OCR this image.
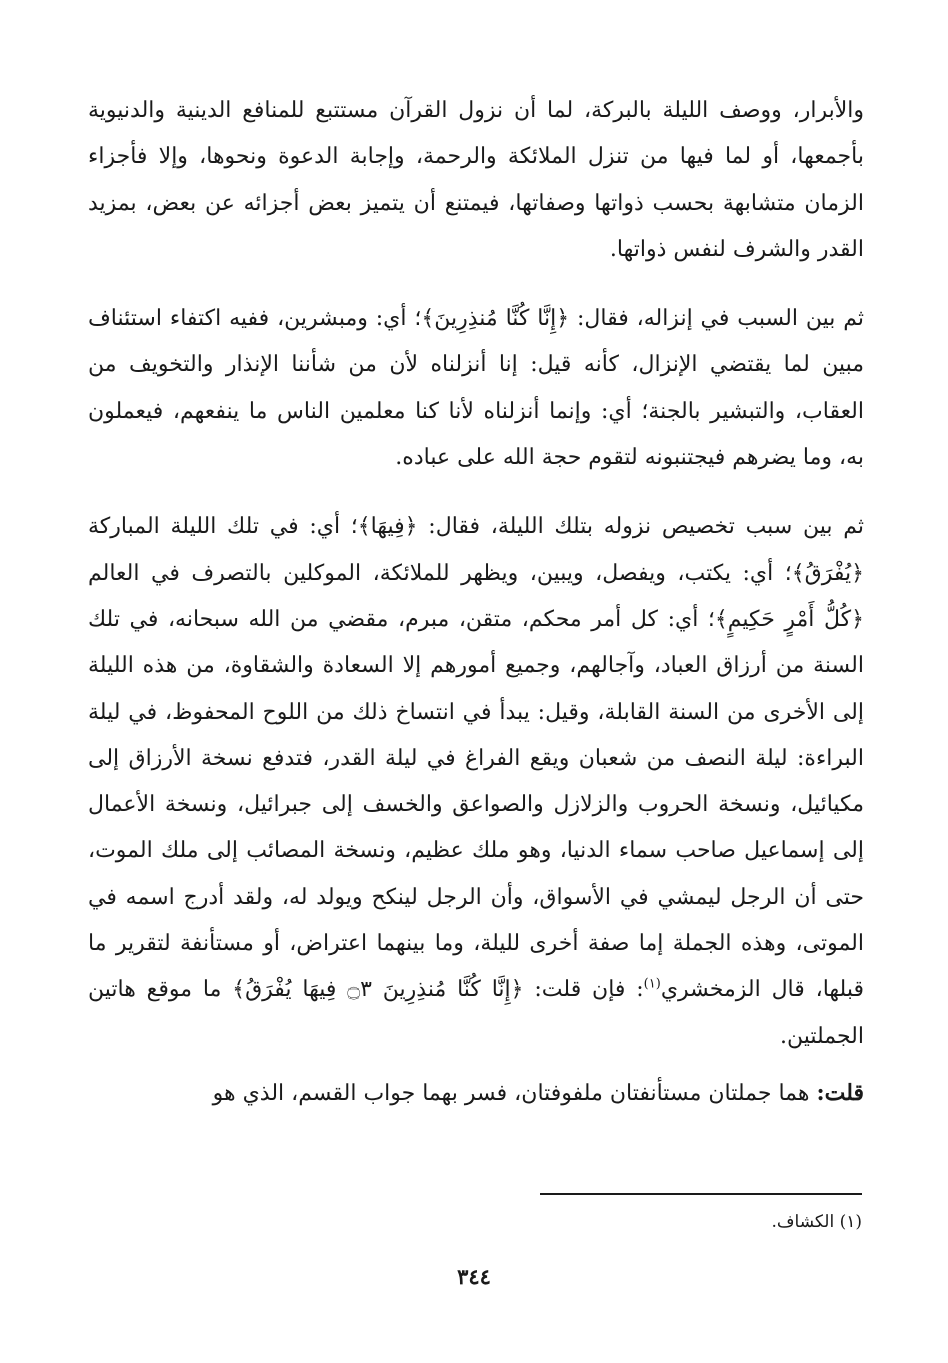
والأبرار، ووصف الليلة بالبركة، لما أن نزول القرآن مستتبع للمنافع الدينية والدنيوية بأجمعها، أو لما فيها من تنزل الملائكة والرحمة، وإجابة الدعوة ونحوها، وإلا فأجزاء الزمان متشابهة بحسب ذواتها وصفاتها، فيمتنع أن يتميز بعض أجزائه عن بعض، بمزيد القدر والشرف لنفس ذواتها.

ثم بين السبب في إنزاله، فقال: ﴿إِنَّا كُنَّا مُنذِرِينَ﴾؛ أي: ومبشرين، ففيه اكتفاء استئناف مبين لما يقتضي الإنزال، كأنه قيل: إنا أنزلناه لأن من شأننا الإنذار والتخويف من العقاب، والتبشير بالجنة؛ أي: وإنما أنزلناه لأنا كنا معلمين الناس ما ينفعهم، فيعملون به، وما يضرهم فيجتنبونه لتقوم حجة الله على عباده.

ثم بين سبب تخصيص نزوله بتلك الليلة، فقال: ﴿فِيهَا﴾؛ أي: في تلك الليلة المباركة ﴿يُفْرَقُ﴾؛ أي: يكتب، ويفصل، ويبين، ويظهر للملائكة، الموكلين بالتصرف في العالم ﴿كُلُّ أَمْرٍ حَكِيمٍ﴾؛ أي: كل أمر محكم، متقن، مبرم، مقضي من الله سبحانه، في تلك السنة من أرزاق العباد، وآجالهم، وجميع أمورهم إلا السعادة والشقاوة، من هذه الليلة إلى الأخرى من السنة القابلة، وقيل: يبدأ في انتساخ ذلك من اللوح المحفوظ، في ليلة البراءة: ليلة النصف من شعبان ويقع الفراغ في ليلة القدر، فتدفع نسخة الأرزاق إلى مكيائيل، ونسخة الحروب والزلازل والصواعق والخسف إلى جبرائيل، ونسخة الأعمال إلى إسماعيل صاحب سماء الدنيا، وهو ملك عظيم، ونسخة المصائب إلى ملك الموت، حتى أن الرجل ليمشي في الأسواق، وأن الرجل لينكح ويولد له، ولقد أدرج اسمه في الموتى، وهذه الجملة إما صفة أخرى لليلة، وما بينهما اعتراض، أو مستأنفة لتقرير ما قبلها، قال الزمخشري$^{(١)}$: فإن قلت: ﴿إِنَّا كُنَّا مُنذِرِينَ ۝٣ فِيهَا يُفْرَقُ﴾ ما موقع هاتين الجملتين.

قلت: هما جملتان مستأنفتان ملفوفتان، فسر بهما جواب القسم، الذي هو

(١) الكشاف.

٣٤٤
